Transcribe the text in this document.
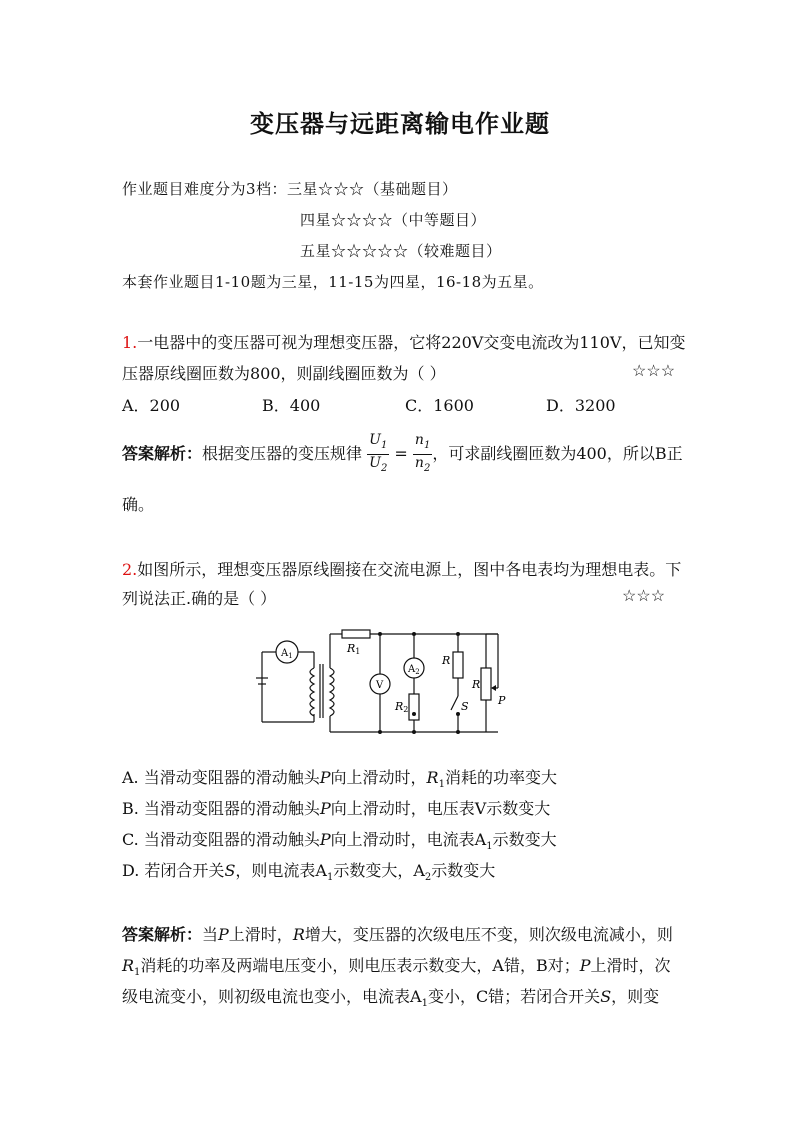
变压器与远距离输电作业题
作业题目难度分为3档：三星☆☆☆（基础题目）
四星☆☆☆☆（中等题目）
五星☆☆☆☆☆（较难题目）
本套作业题目1-10题为三星，11-15为四星，16-18为五星。
1.一电器中的变压器可视为理想变压器，它将220V交变电流改为110V，已知变
压器原线圈匝数为800，则副线圈匝数为（ ）	☆☆☆
A．200	B．400	C．1600	D．3200
答案解析：根据变压器的变压规律 $\frac{U_1}{U_2} = \frac{n_1}{n_2}$ ，可求副线圈匝数为400，所以B正
确。
2.如图所示，理想变压器原线圈接在交流电源上，图中各电表均为理想电表。下
列说法正.确的是（ ）	☆☆☆
$A_1$
V
$A_2$
R1
R2
R
R
P
S
A. 当滑动变阻器的滑动触头P向上滑动时，$R_1$消耗的功率变大
B. 当滑动变阻器的滑动触头P向上滑动时，电压表V示数变大
C. 当滑动变阻器的滑动触头P向上滑动时，电流表$A_1$示数变大
D. 若闭合开关S，则电流表$A_1$示数变大，$A_2$示数变大
答案解析：当P上滑时，R增大，变压器的次级电压不变，则次级电流减小，则
$R_1$消耗的功率及两端电压变小，则电压表示数变大，A错，B对；P上滑时，次
级电流变小，则初级电流也变小，电流表$A_1$变小，C错；若闭合开关S，则变
